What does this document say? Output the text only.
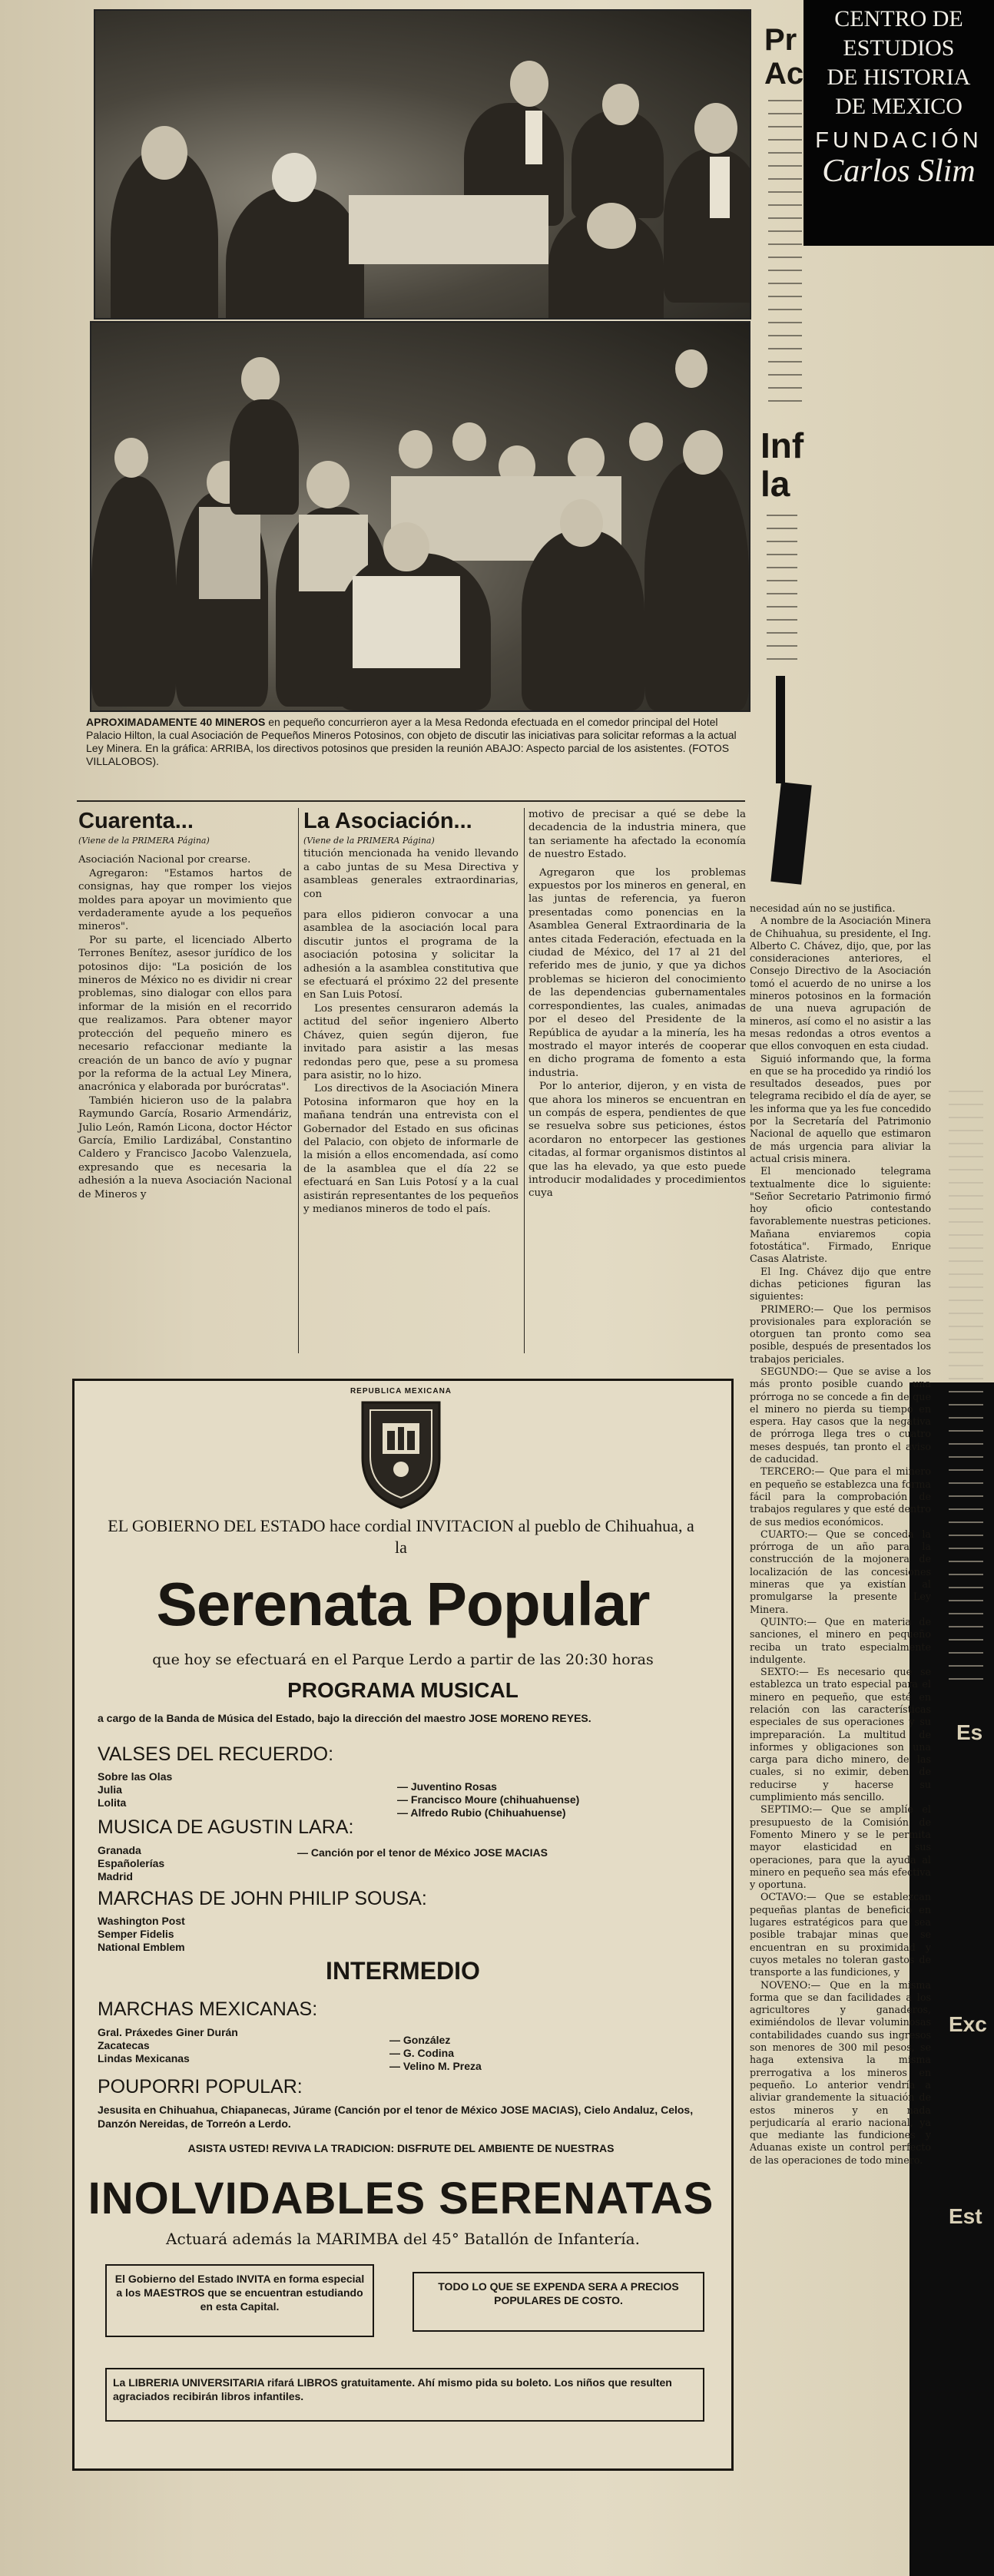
APROXIMADAMENTE 40 MINEROS en pequeño concurrieron ayer a la Mesa Redonda efectuada en el comedor principal del Hotel Palacio Hilton, la cual Asociación de Pequeños Mineros Potosinos, con objeto de discutir las iniciativas para solicitar reformas a la actual Ley Minera. En la gráfica: ARRIBA, los directivos potosinos que presiden la reunión ABAJO: Aspecto parcial de los asistentes. (FOTOS VILLALOBOS).
Cuarenta...
(Viene de la PRIMERA Página)

Asociación Nacional por crearse.

Agregaron: "Estamos hartos de consignas, hay que romper los viejos moldes para apoyar un movimiento que verdaderamente ayude a los pequeños mineros".

Por su parte, el licenciado Alberto Terrones Benítez, asesor jurídico de los potosinos dijo: "La posición de los mineros de México no es dividir ni crear problemas, sino dialogar con ellos para informar de la misión en el recorrido que realizamos. Para obtener mayor protección del pequeño minero es necesario refaccionar mediante la creación de un banco de avío y pugnar por la reforma de la actual Ley Minera, anacrónica y elaborada por burócratas".

También hicieron uso de la palabra Raymundo García, Rosario Armendáriz, Julio León, Ramón Licona, doctor Héctor García, Emilio Lardizábal, Constantino Caldero y Francisco Jacobo Valenzuela, expresando que es necesaria la adhesión a la nueva Asociación Nacional de Mineros y

La Asociación...
(Viene de la PRIMERA Página)

titución mencionada ha venido llevando a cabo juntas de su Mesa Directiva y asambleas generales extraordinarias, con

para ellos pidieron convocar a una asamblea de la asociación local para discutir juntos el programa de la asociación potosina y solicitar la adhesión a la asamblea constitutiva que se efectuará el próximo 22 del presente en San Luis Potosí.

Los presentes censuraron además la actitud del señor ingeniero Alberto Chávez, quien según dijeron, fue invitado para asistir a las mesas redondas pero que, pese a su promesa para asistir, no lo hizo.

Los directivos de la Asociación Minera Potosina informaron que hoy en la mañana tendrán una entrevista con el Gobernador del Estado en sus oficinas del Palacio, con objeto de informarle de la misión a ellos encomendada, así como de la asamblea que el día 22 se efectuará en San Luis Potosí y a la cual asistirán representantes de los pequeños y medianos mineros de todo el país.

motivo de precisar a qué se debe la decadencia de la industria minera, que tan seriamente ha afectado la economía de nuestro Estado.

Agregaron que los problemas expuestos por los mineros en general, en las juntas de referencia, ya fueron presentadas como ponencias en la Asamblea General Extraordinaria de la antes citada Federación, efectuada en la ciudad de México, del 17 al 21 del referido mes de junio, y que ya dichos problemas se hicieron del conocimiento de las dependencias gubernamentales correspondientes, las cuales, animadas por el deseo del Presidente de la República de ayudar a la minería, les ha mostrado el mayor interés de cooperar en dicho programa de fomento a esta industria.

Por lo anterior, dijeron, y en vista de que ahora los mineros se encuentran en un compás de espera, pendientes de que se resuelva sobre sus peticiones, éstos acordaron no entorpecer las gestiones citadas, al formar organismos distintos al que las ha elevado, ya que esto puede introducir modalidades y procedimientos cuya

necesidad aún no se justifica.

A nombre de la Asociación Minera de Chihuahua, su presidente, el Ing. Alberto C. Chávez, dijo, que, por las consideraciones anteriores, el Consejo Directivo de la Asociación tomó el acuerdo de no unirse a los mineros potosinos en la formación de una nueva agrupación de mineros, así como el no asistir a las mesas redondas a otros eventos a que ellos convoquen en esta ciudad.

Siguió informando que, la forma en que se ha procedido ya rindió los resultados deseados, pues por telegrama recibido el día de ayer, se les informa que ya les fue concedido por la Secretaría del Patrimonio Nacional de aquello que estimaron de más urgencia para aliviar la actual crisis minera.

El mencionado telegrama textualmente dice lo siguiente: "Señor Secretario Patrimonio firmó hoy oficio contestando favorablemente nuestras peticiones. Mañana enviaremos copia fotostática". Firmado, Enrique Casas Alatriste.

El Ing. Chávez dijo que entre dichas peticiones figuran las siguientes:

PRIMERO:— Que los permisos provisionales para exploración se otorguen tan pronto como sea posible, después de presentados los trabajos periciales.

SEGUNDO:— Que se avise a los más pronto posible cuando una prórroga no se concede a fin de que el minero no pierda su tiempo en espera. Hay casos que la negativa de prórroga llega tres o cuatro meses después, tan pronto el aviso de caducidad.

TERCERO:— Que para el minero en pequeño se establezca una forma fácil para la comprobación de trabajos regulares y que esté dentro de sus medios económicos.

CUARTO:— Que se conceda la prórroga de un año para la construcción de la mojonera de localización de las concesiones mineras que ya existían al promulgarse la presente Ley Minera.

QUINTO:— Que en materia de sanciones, el minero en pequeño reciba un trato especialmente indulgente.

SEXTO:— Es necesario que se establezca un trato especial para el minero en pequeño, que esté en relación con las características especiales de sus operaciones y su impreparación. La multitud de informes y obligaciones son una carga para dicho minero, de las cuales, si no eximir, deben de reducirse y hacerse su cumplimiento más sencillo.

SEPTIMO:— Que se amplíe el presupuesto de la Comisión de Fomento Minero y se le permita mayor elasticidad en sus operaciones, para que la ayuda al minero en pequeño sea más efectiva y oportuna.

OCTAVO:— Que se establezcan pequeñas plantas de beneficio en lugares estratégicos para que sea posible trabajar minas que se encuentran en su proximidad y cuyos metales no toleran gastos de transporte a las fundiciones, y

NOVENO:— Que en la misma forma que se dan facilidades a los agricultores y ganaderos, eximiéndolos de llevar voluminosas contabilidades cuando sus ingresos son menores de 300 mil pesos, se haga extensiva la misma prerrogativa a los mineros en pequeño. Lo anterior vendría a aliviar grandemente la situación de estos mineros y en nada perjudicaría al erario nacional, ya que mediante las fundiciones y Aduanas existe un control perfecto de las operaciones de todo minero.

Pr
Ac
Inf
la
Es
Exc
Est
REPUBLICA MEXICANA
EL GOBIERNO DEL ESTADO hace cordial INVITACION al pueblo de Chihuahua, a la
Serenata Popular
que hoy se efectuará en el Parque Lerdo a partir de las 20:30 horas
PROGRAMA MUSICAL
a cargo de la Banda de Música del Estado, bajo la dirección del maestro JOSE MORENO REYES.
VALSES DEL RECUERDO:
Sobre las Olas
Julia
Lolita
— Juventino Rosas
— Francisco Moure (chihuahuense)
— Alfredo Rubio (Chihuahuense)
MUSICA DE AGUSTIN LARA:
Granada
Españolerías
Madrid
— Canción por el tenor de México JOSE MACIAS
MARCHAS DE JOHN PHILIP SOUSA:
Washington Post
Semper Fidelis
National Emblem
INTERMEDIO
MARCHAS MEXICANAS:
Gral. Práxedes Giner Durán
Zacatecas
Lindas Mexicanas
— González
— G. Codina
— Velino M. Preza
POUPORRI POPULAR:
Jesusita en Chihuahua, Chiapanecas, Júrame (Canción por el tenor de México JOSE MACIAS), Cielo Andaluz, Celos, Danzón Nereidas, de Torreón a Lerdo.
ASISTA USTED! REVIVA LA TRADICION: DISFRUTE DEL AMBIENTE DE NUESTRAS
INOLVIDABLES SERENATAS
Actuará además la MARIMBA del 45° Batallón de Infantería.
El Gobierno del Estado INVITA en forma especial a los MAESTROS que se encuentran estudiando en esta Capital.
TODO LO QUE SE EXPENDA SERA A PRECIOS POPULARES DE COSTO.
La LIBRERIA UNIVERSITARIA rifará LIBROS gratuitamente. Ahí mismo pida su boleto. Los niños que resulten agraciados recibirán libros infantiles.
CENTRO DE
ESTUDIOS
DE HISTORIA
DE MEXICO
FUNDACIÓN
Carlos Slim
